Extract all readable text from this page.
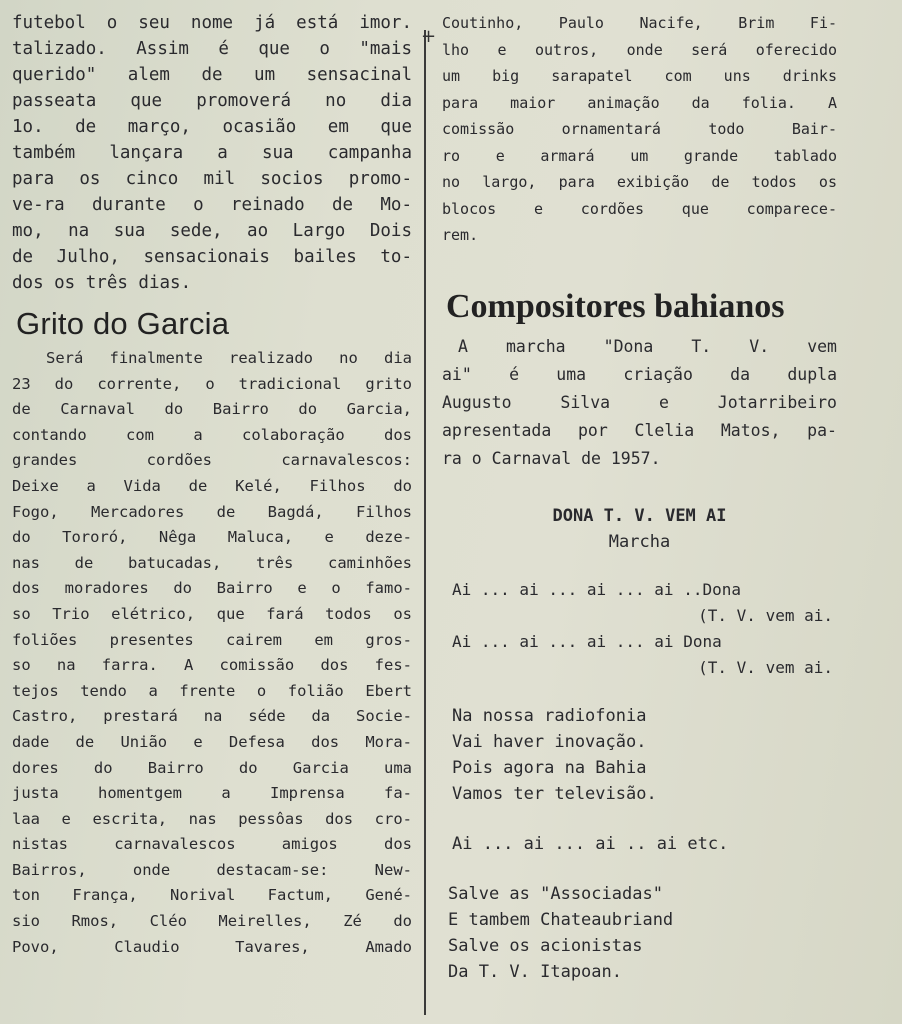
+
futebol o seu nome já está imor.
talizado. Assim é que o "mais
querido" alem de um sensacinal
passeata que promoverá no dia
1o. de março, ocasião em que
também lançara a sua campanha
para os cinco mil socios promo-
ve-ra durante o reinado de Mo-
mo, na sua sede, ao Largo Dois
de Julho, sensacionais bailes to-
dos os três dias.
Grito do Garcia
Será finalmente realizado no dia
23 do corrente, o tradicional grito
de Carnaval do Bairro do Garcia,
contando com a colaboração dos
grandes cordões carnavalescos:
Deixe a Vida de Kelé, Filhos do
Fogo, Mercadores de Bagdá, Filhos
do Tororó, Nêga Maluca, e deze-
nas de batucadas, três caminhões
dos moradores do Bairro e o famo-
so Trio elétrico, que fará todos os
foliões presentes cairem em gros-
so na farra. A comissão dos fes-
tejos tendo a frente o folião Ebert
Castro, prestará na séde da Socie-
dade de União e Defesa dos Mora-
dores do Bairro do Garcia uma
justa homentgem a Imprensa fa-
laa e escrita, nas pessôas dos cro-
nistas carnavalescos amigos dos
Bairros, onde destacam-se: New-
ton França, Norival Factum, Gené-
sio Rmos, Cléo Meirelles, Zé do
Povo, Claudio Tavares, Amado
Coutinho, Paulo Nacife, Brim Fi-
lho e outros, onde será oferecido
um big sarapatel com uns drinks
para maior animação da folia. A
comissão ornamentará todo Bair-
ro e armará um grande tablado
no largo, para exibição de todos os
blocos e cordões que comparece-
rem.
Compositores bahianos
A marcha "Dona T. V. vem
ai" é uma criação da dupla
Augusto Silva e Jotarribeiro
apresentada por Clelia Matos, pa-
ra o Carnaval de 1957.
DONA T. V. VEM AI
Marcha
Ai ... ai ... ai ... ai ..Dona
(T. V. vem ai.
Ai ... ai ... ai ... ai Dona
(T. V. vem ai.
Na nossa radiofonia
Vai haver inovação.
Pois agora na Bahia
Vamos ter televisão.
Ai ... ai ... ai .. ai etc.
Salve as "Associadas"
E tambem Chateaubriand
Salve os acionistas
Da T. V. Itapoan.
